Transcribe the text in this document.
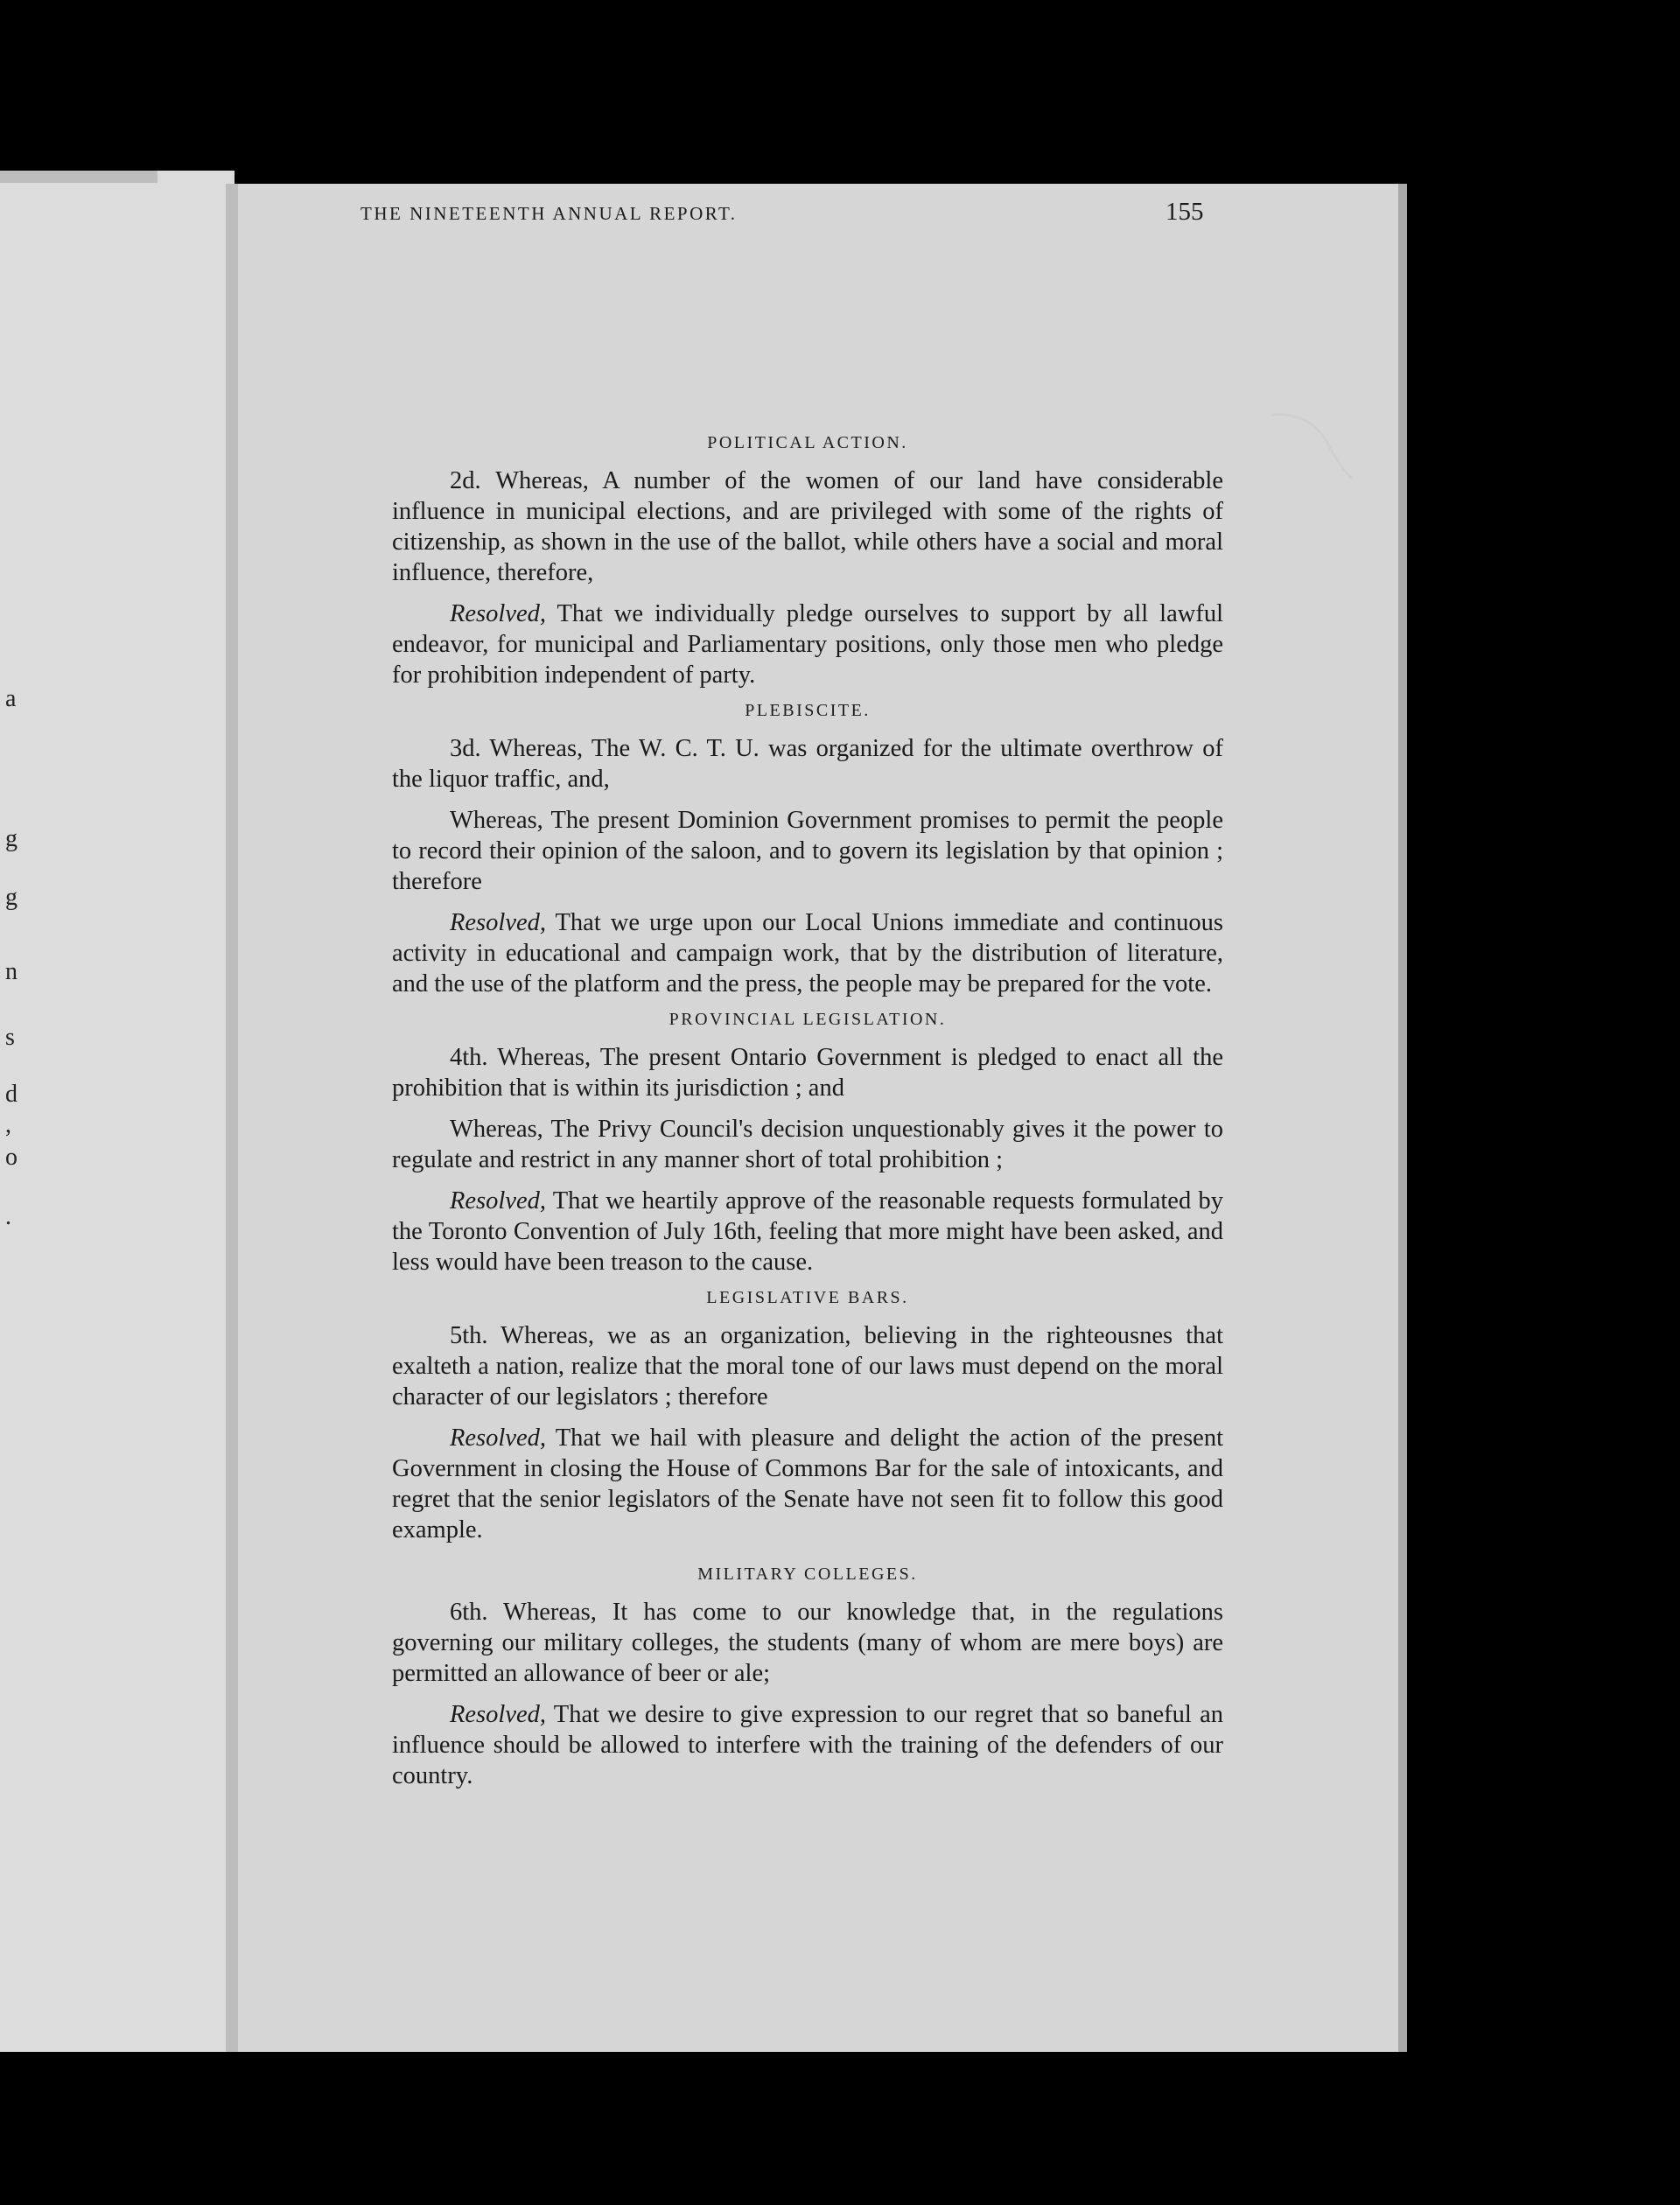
a

g

g

n

s

d

,

o

.

THE NINETEENTH ANNUAL REPORT.	155

POLITICAL ACTION.

2d. Whereas, A number of the women of our land have considerable influence in municipal elections, and are privileged with some of the rights of citizenship, as shown in the use of the ballot, while others have a social and moral influence, therefore,

Resolved, That we individually pledge ourselves to support by all lawful endeavor, for municipal and Parliamentary positions, only those men who pledge for prohibition independent of party.

PLEBISCITE.

3d. Whereas, The W. C. T. U. was organized for the ultimate overthrow of the liquor traffic, and,

Whereas, The present Dominion Government promises to permit the people to record their opinion of the saloon, and to govern its legislation by that opinion ; therefore

Resolved, That we urge upon our Local Unions immediate and continuous activity in educational and campaign work, that by the distribution of literature, and the use of the platform and the press, the people may be prepared for the vote.

PROVINCIAL LEGISLATION.

4th. Whereas, The present Ontario Government is pledged to enact all the prohibition that is within its jurisdiction ; and

Whereas, The Privy Council's decision unquestionably gives it the power to regulate and restrict in any manner short of total prohibition ;

Resolved, That we heartily approve of the reasonable requests formulated by the Toronto Convention of July 16th, feeling that more might have been asked, and less would have been treason to the cause.

LEGISLATIVE BARS.

5th. Whereas, we as an organization, believing in the righteousnes that exalteth a nation, realize that the moral tone of our laws must depend on the moral character of our legislators ; therefore

Resolved, That we hail with pleasure and delight the action of the present Government in closing the House of Commons Bar for the sale of intoxicants, and regret that the senior legislators of the Senate have not seen fit to follow this good example.

MILITARY COLLEGES.

6th. Whereas, It has come to our knowledge that, in the regulations governing our military colleges, the students (many of whom are mere boys) are permitted an allowance of beer or ale;

Resolved, That we desire to give expression to our regret that so baneful an influence should be allowed to interfere with the training of the defenders of our country.
